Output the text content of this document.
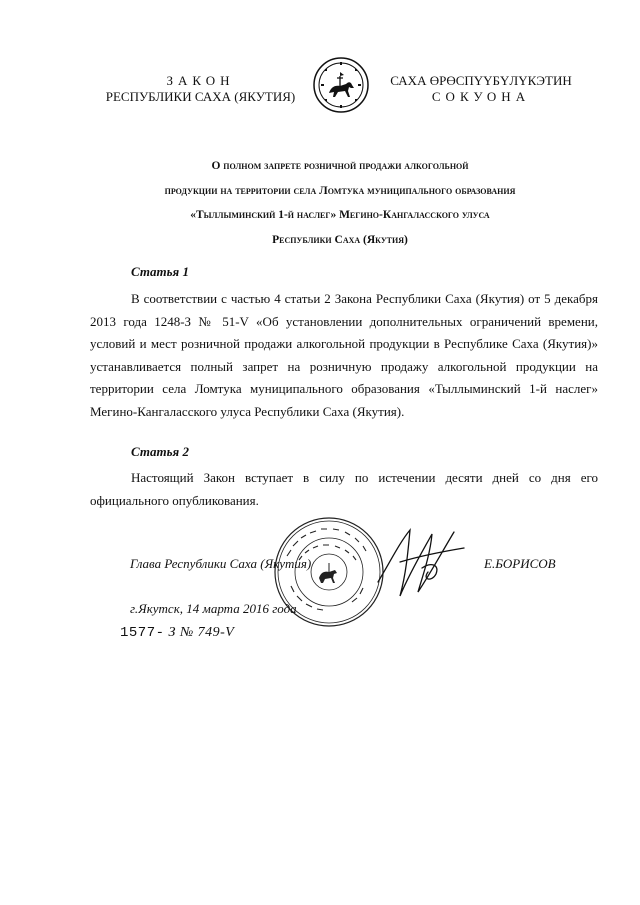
ЗАКОН
РЕСПУБЛИКИ САХА (ЯКУТИЯ)
САХА ӨРӨСПҮҮБҮЛҮКЭТИН
СОКУОНА
О полном запрете розничной продажи алкогольной
продукции на территории села Ломтука муниципального образования
«Тыллыминский 1-й наслег» Мегино-Кангаласского улуса
Республики Саха (Якутия)
Статья 1
В соответствии с частью 4 статьи 2 Закона Республики Саха (Якутия) от 5 декабря 2013 года 1248-З № 51-V «Об установлении дополнительных ограничений времени, условий и мест розничной продажи алкогольной продукции в Республике Саха (Якутия)» устанавливается полный запрет на розничную продажу алкогольной продукции на территории села Ломтука муниципального образования «Тыллыминский 1-й наслег» Мегино-Кангаласского улуса Республики Саха (Якутия).
Статья 2
Настоящий Закон вступает в силу по истечении десяти дней со дня его официального опубликования.
Глава Республики Саха (Якутия)	Е.БОРИСОВ
г.Якутск, 14 марта 2016 года
1577- З № 749-V
